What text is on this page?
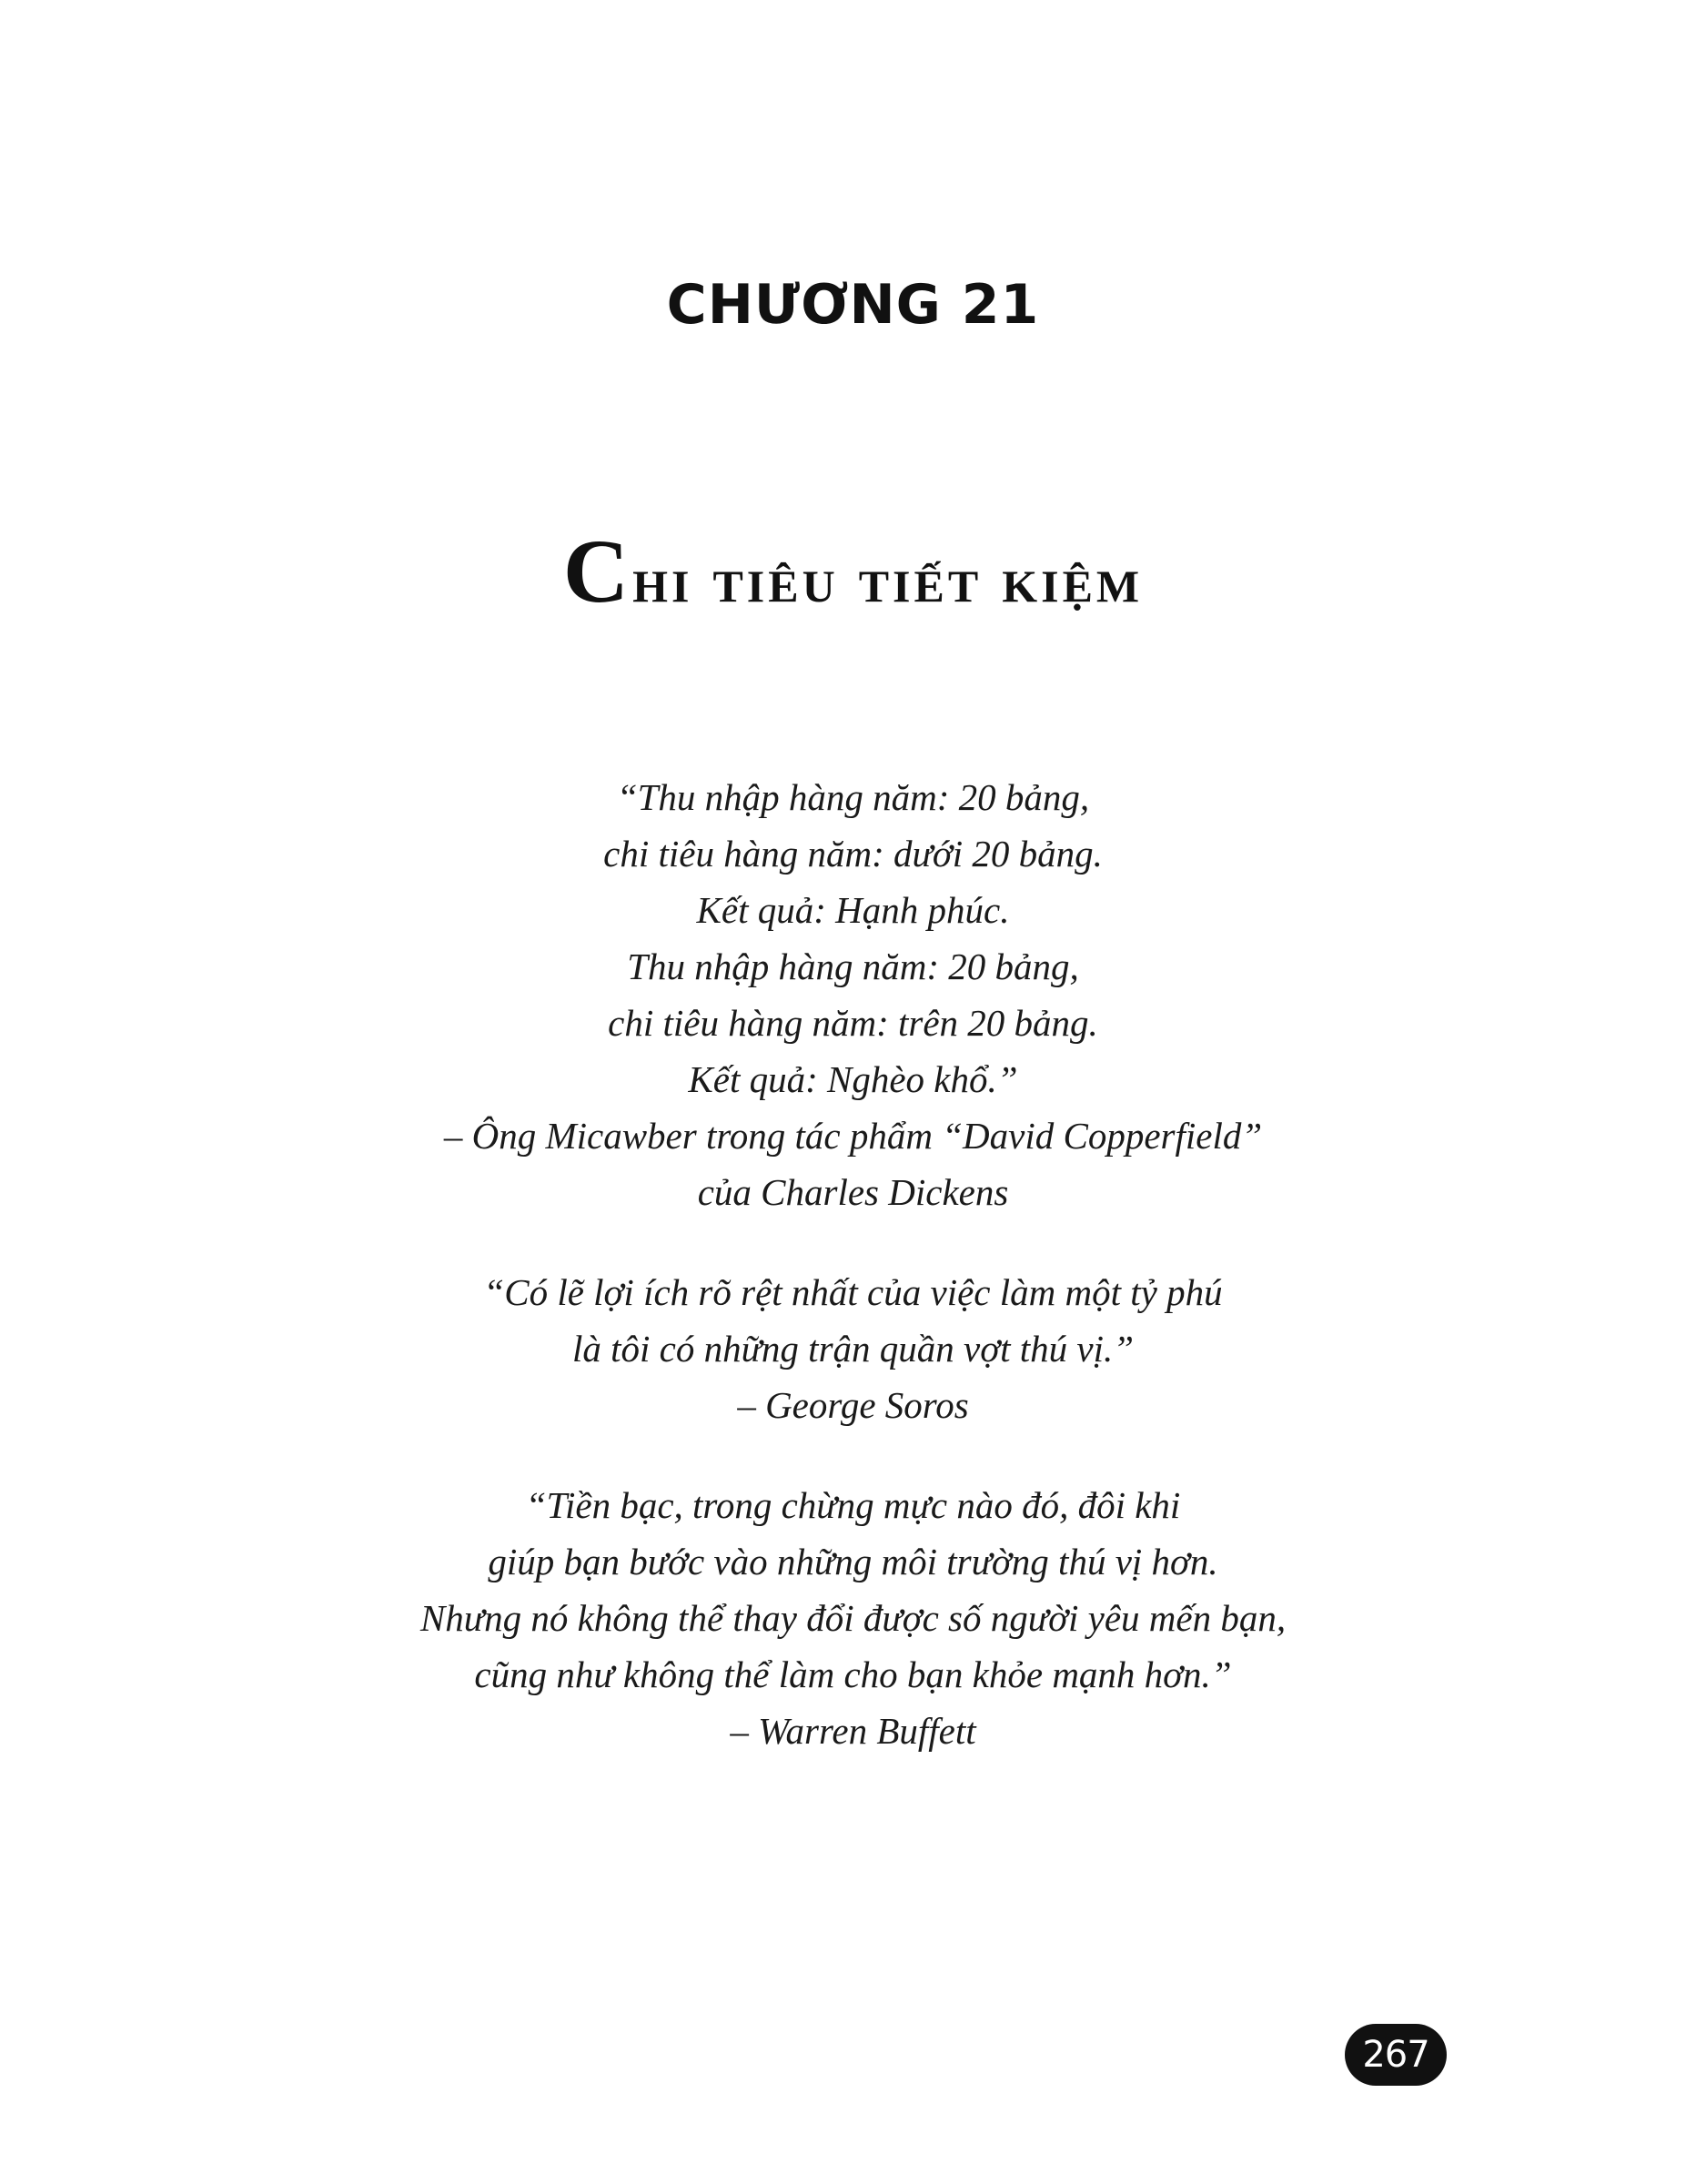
CHƯƠNG 21
Chi tiêu tiết kiệm
“Thu nhập hàng năm: 20 bảng,
chi tiêu hàng năm: dưới 20 bảng.
Kết quả: Hạnh phúc.
Thu nhập hàng năm: 20 bảng,
chi tiêu hàng năm: trên 20 bảng.
Kết quả: Nghèo khổ.”
– Ông Micawber trong tác phẩm “David Copperfield”
của Charles Dickens
“Có lẽ lợi ích rõ rệt nhất của việc làm một tỷ phú
là tôi có những trận quần vợt thú vị.”
– George Soros
“Tiền bạc, trong chừng mực nào đó, đôi khi
giúp bạn bước vào những môi trường thú vị hơn.
Nhưng nó không thể thay đổi được số người yêu mến bạn,
cũng như không thể làm cho bạn khỏe mạnh hơn.”
– Warren Buffett
267
